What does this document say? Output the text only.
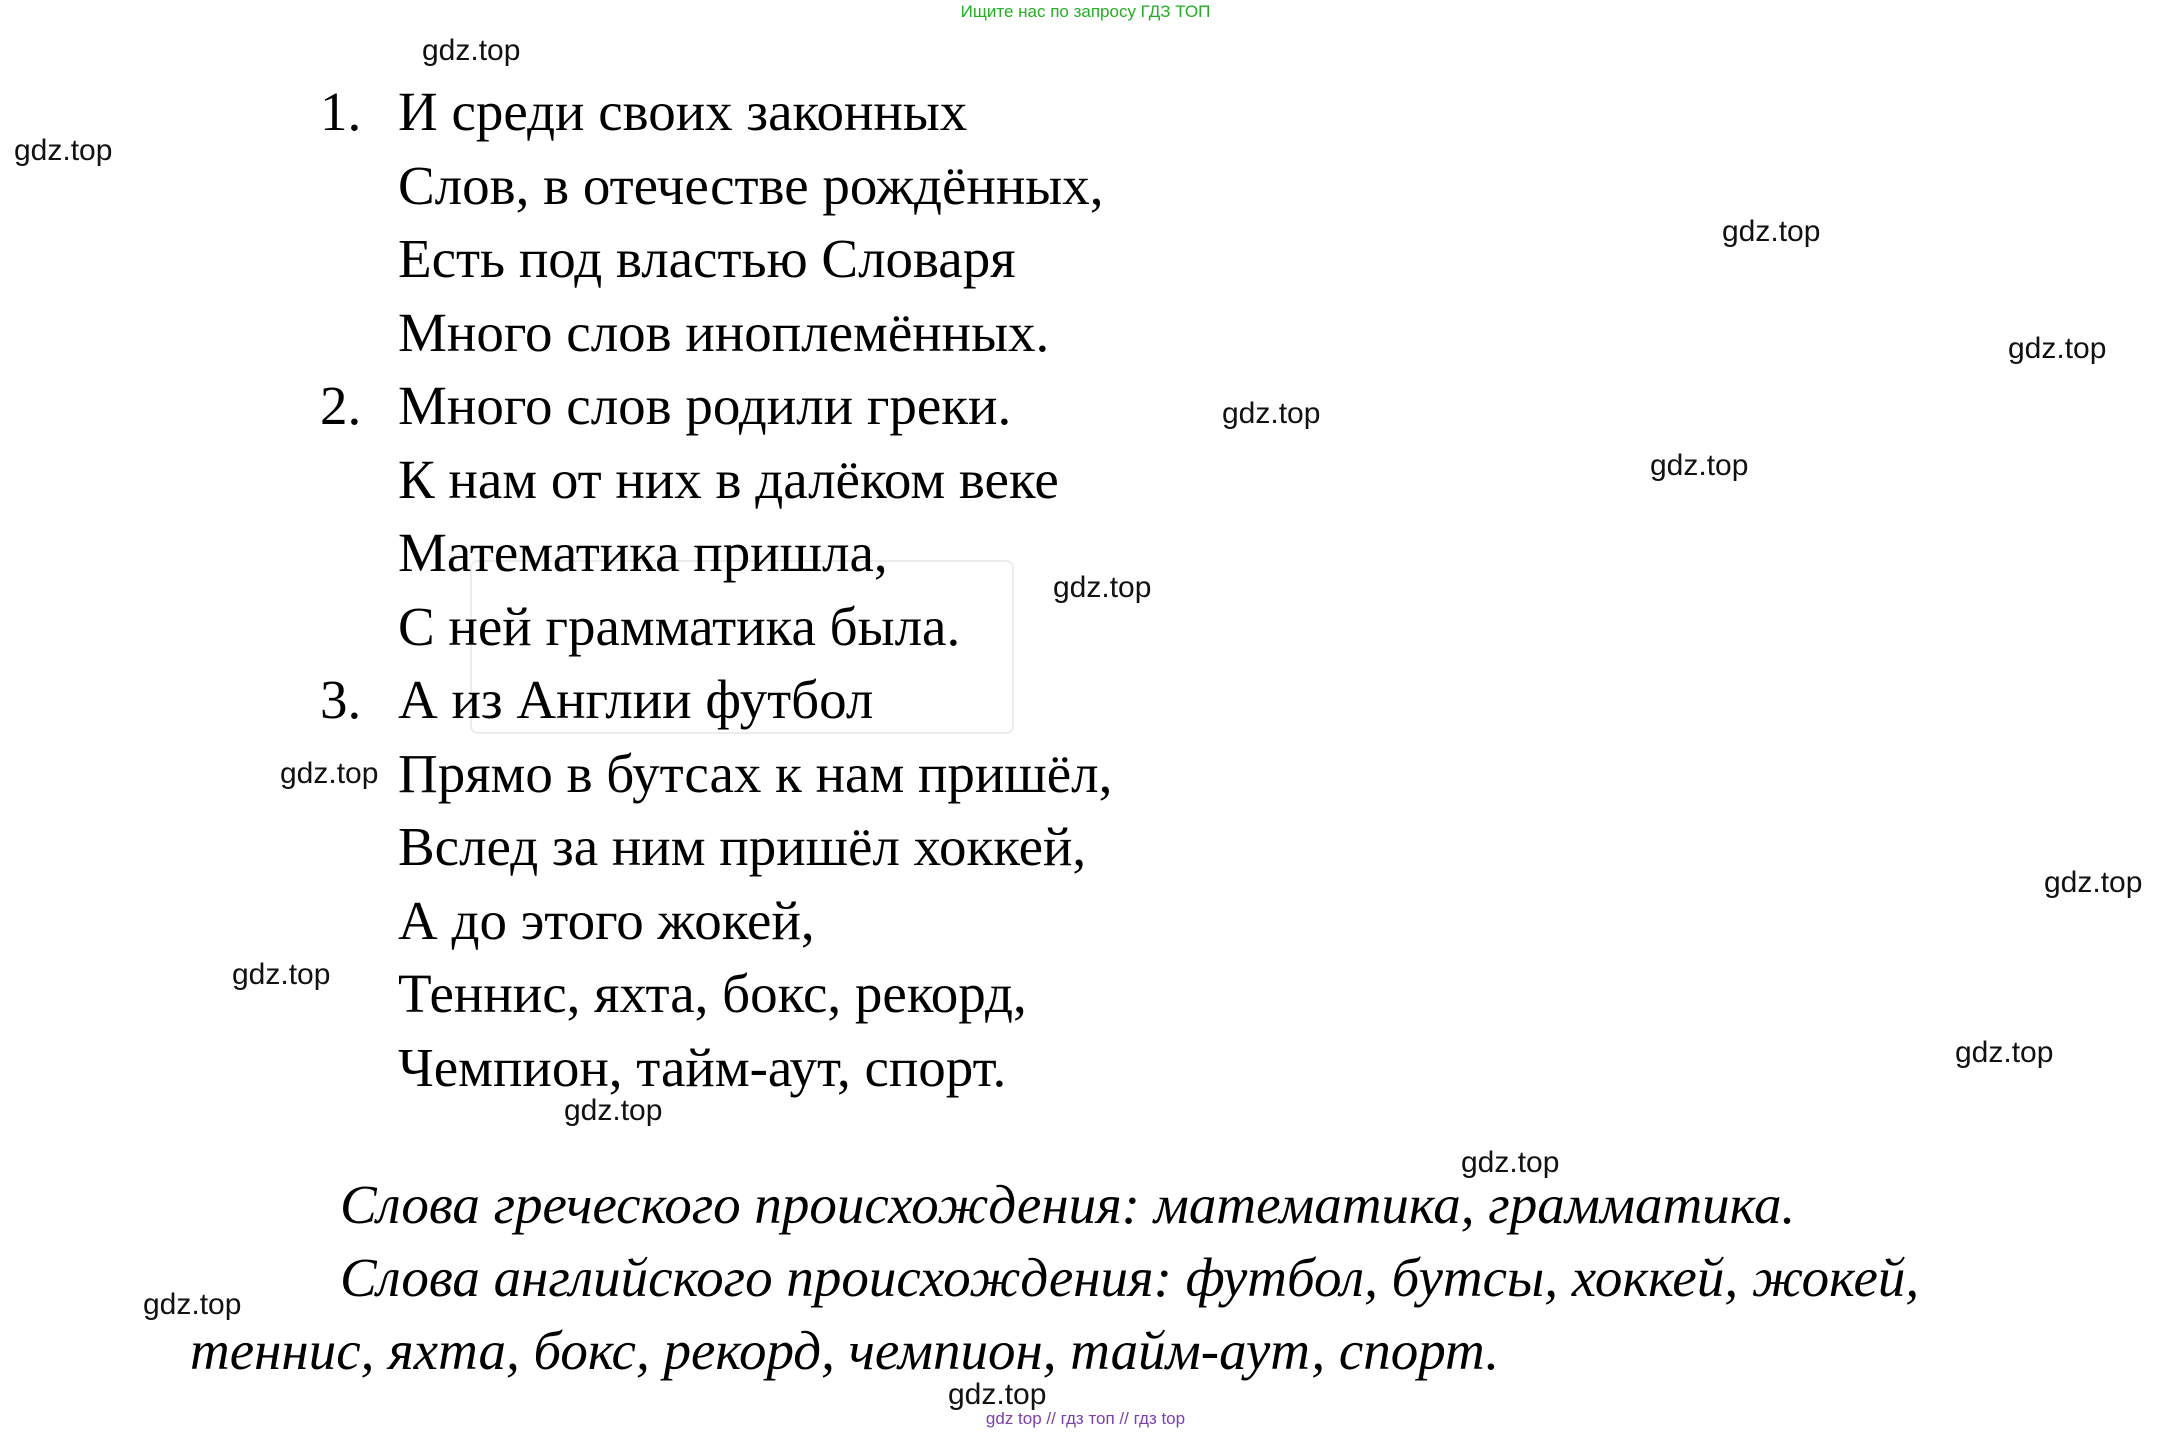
Ищите нас по запросу ГДЗ ТОП
1. И среди своих законных
Слов, в отечестве рождённых,
Есть под властью Словаря
Много слов иноплемённых.
2. Много слов родили греки.
К нам от них в далёком веке
Математика пришла,
С ней грамматика была.
3. А из Англии футбол
Прямо в бутсах к нам пришёл,
Вслед за ним пришёл хоккей,
А до этого жокей,
Теннис, яхта, бокс, рекорд,
Чемпион, тайм-аут, спорт.

Слова греческого происхождения: математика, грамматика.

Слова английского происхождения: футбол, бутсы, хоккей, жокей,

теннис, яхта, бокс, рекорд, чемпион, тайм-аут, спорт.

gdz.top
gdz.top
gdz.top
gdz.top
gdz.top
gdz.top
gdz.top
gdz.top
gdz.top
gdz.top
gdz.top
gdz.top
gdz.top
gdz.top
gdz.top
gdz top // гдз топ // гдз top
